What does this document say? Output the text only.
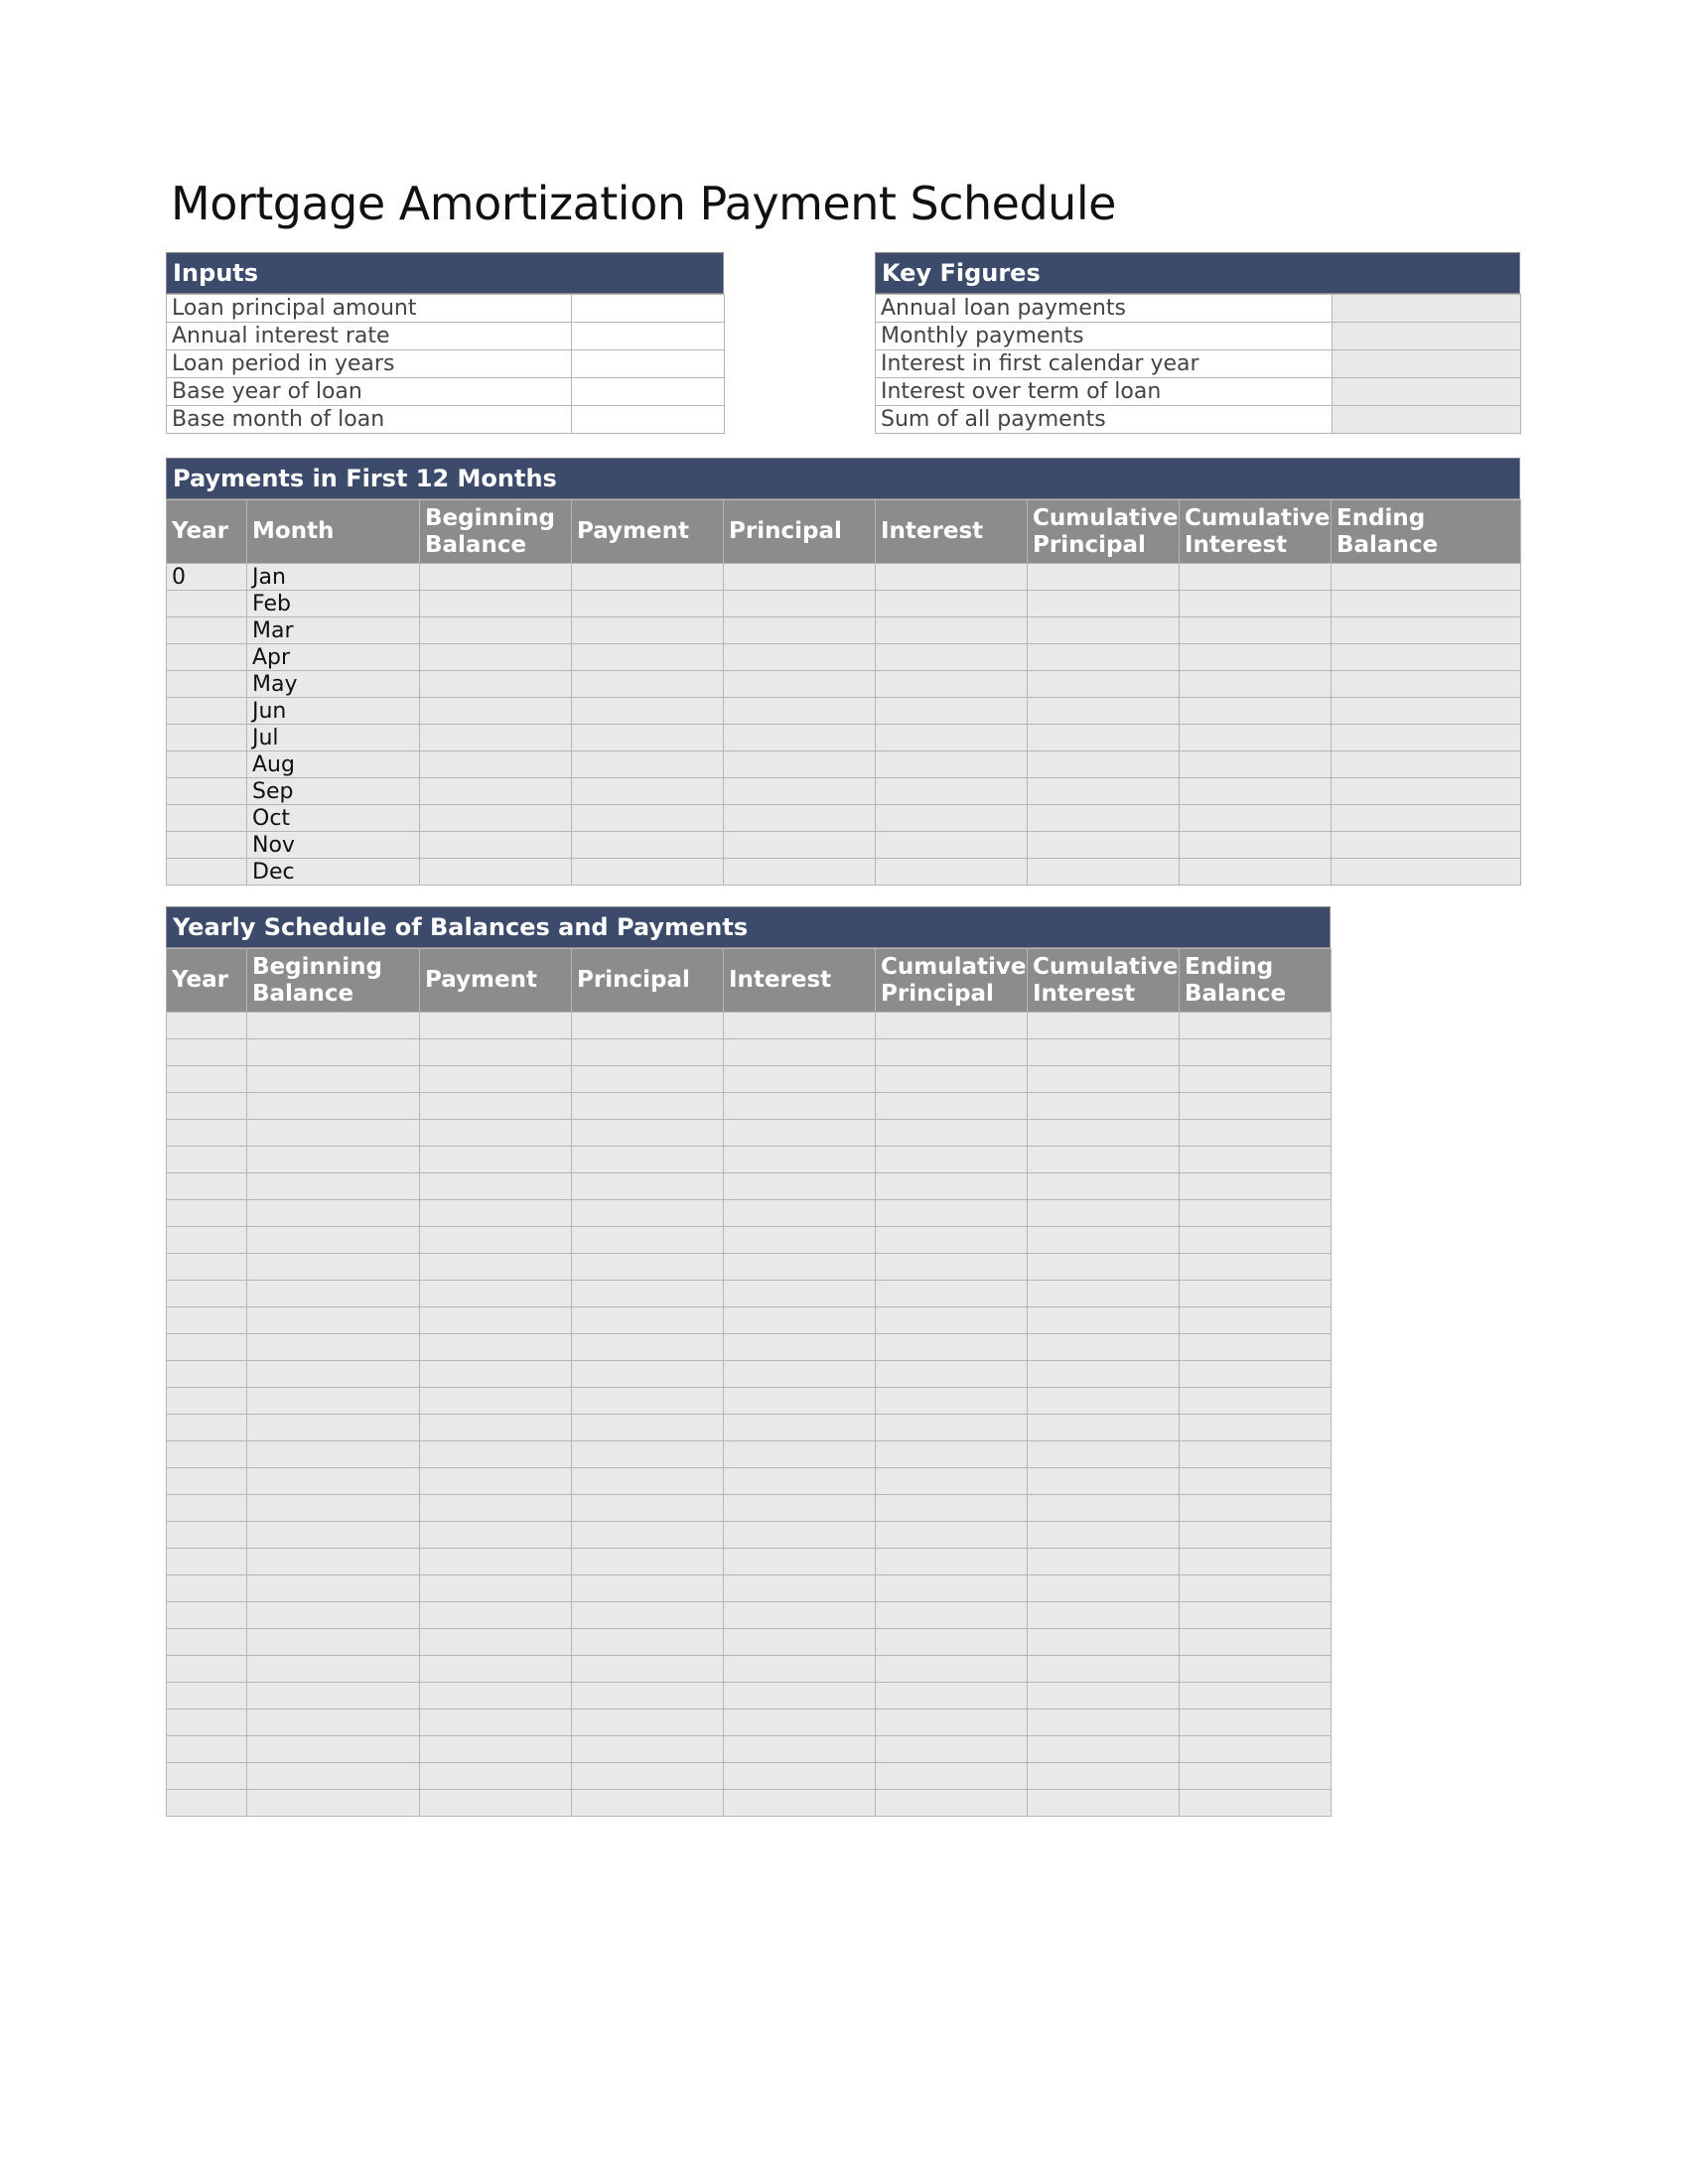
Mortgage Amortization Payment Schedule
Inputs
Loan principal amount	
Annual interest rate	
Loan period in years	
Base year of loan	
Base month of loan	
Key Figures
Annual loan payments	
Monthly payments	
Interest in first calendar year	
Interest over term of loan	
Sum of all payments	
Payments in First 12 Months
Year	Month	Beginning Balance	Payment	Principal	Interest	Cumulative Principal	Cumulative Interest	Ending Balance
0	Jan							
	Feb							
	Mar							
	Apr							
	May							
	Jun							
	Jul							
	Aug							
	Sep							
	Oct							
	Nov							
	Dec							
Yearly Schedule of Balances and Payments
Year	Beginning Balance	Payment	Principal	Interest	Cumulative Principal	Cumulative Interest	Ending Balance
